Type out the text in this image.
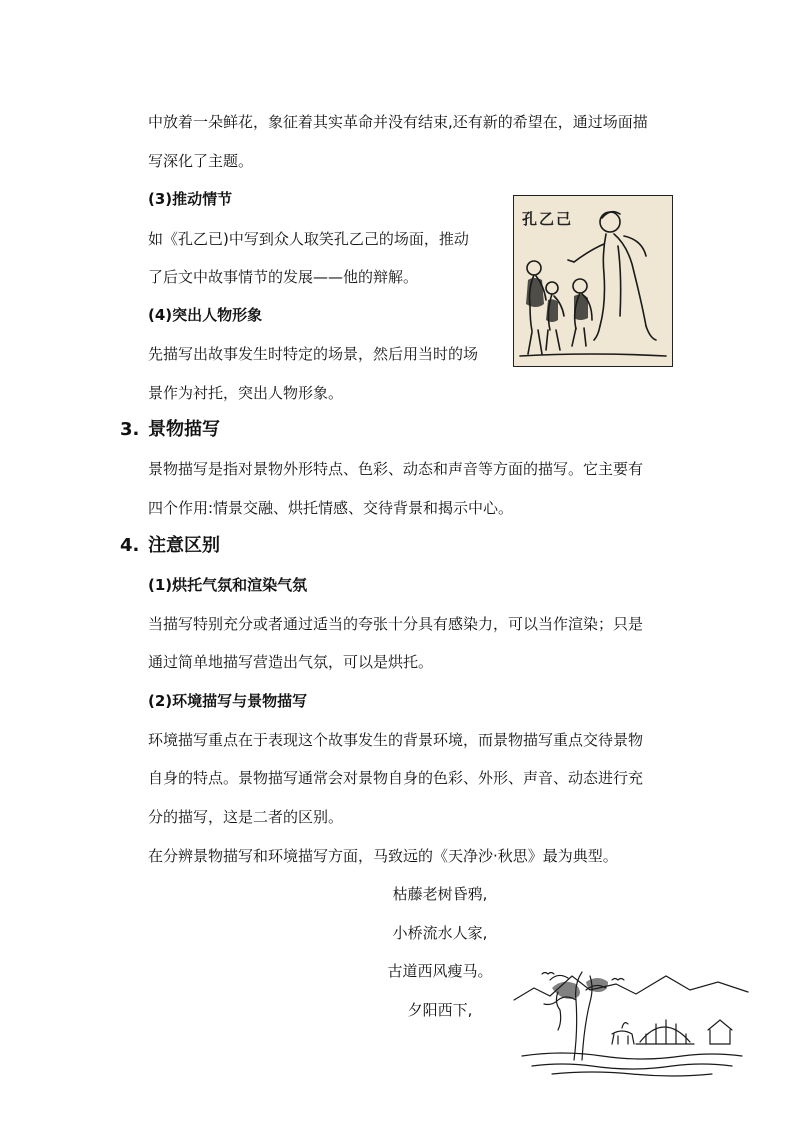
中放着一朵鲜花，象征着其实革命并没有结束,还有新的希望在，通过场面描
写深化了主题。
(3)推动情节
如《孔乙已)中写到众人取笑孔乙己的场面，推动
了后文中故事情节的发展——他的辩解。
(4)突出人物形象
先描写出故事发生时特定的场景，然后用当时的场
景作为衬托，突出人物形象。
孔乙己
3. 景物描写
景物描写是指对景物外形特点、色彩、动态和声音等方面的描写。它主要有
四个作用:情景交融、烘托情感、交待背景和揭示中心。
4. 注意区别
(1)烘托气氛和渲染气氛
当描写特别充分或者通过适当的夸张十分具有感染力，可以当作渲染；只是
通过简单地描写营造出气氛，可以是烘托。
(2)环境描写与景物描写
环境描写重点在于表现这个故事发生的背景环境，而景物描写重点交待景物
自身的特点。景物描写通常会对景物自身的色彩、外形、声音、动态进行充
分的描写，这是二者的区别。
在分辨景物描写和环境描写方面，马致远的《天净沙·秋思》最为典型。
枯藤老树昏鸦,
小桥流水人家,
古道西风瘦马。
夕阳西下,
